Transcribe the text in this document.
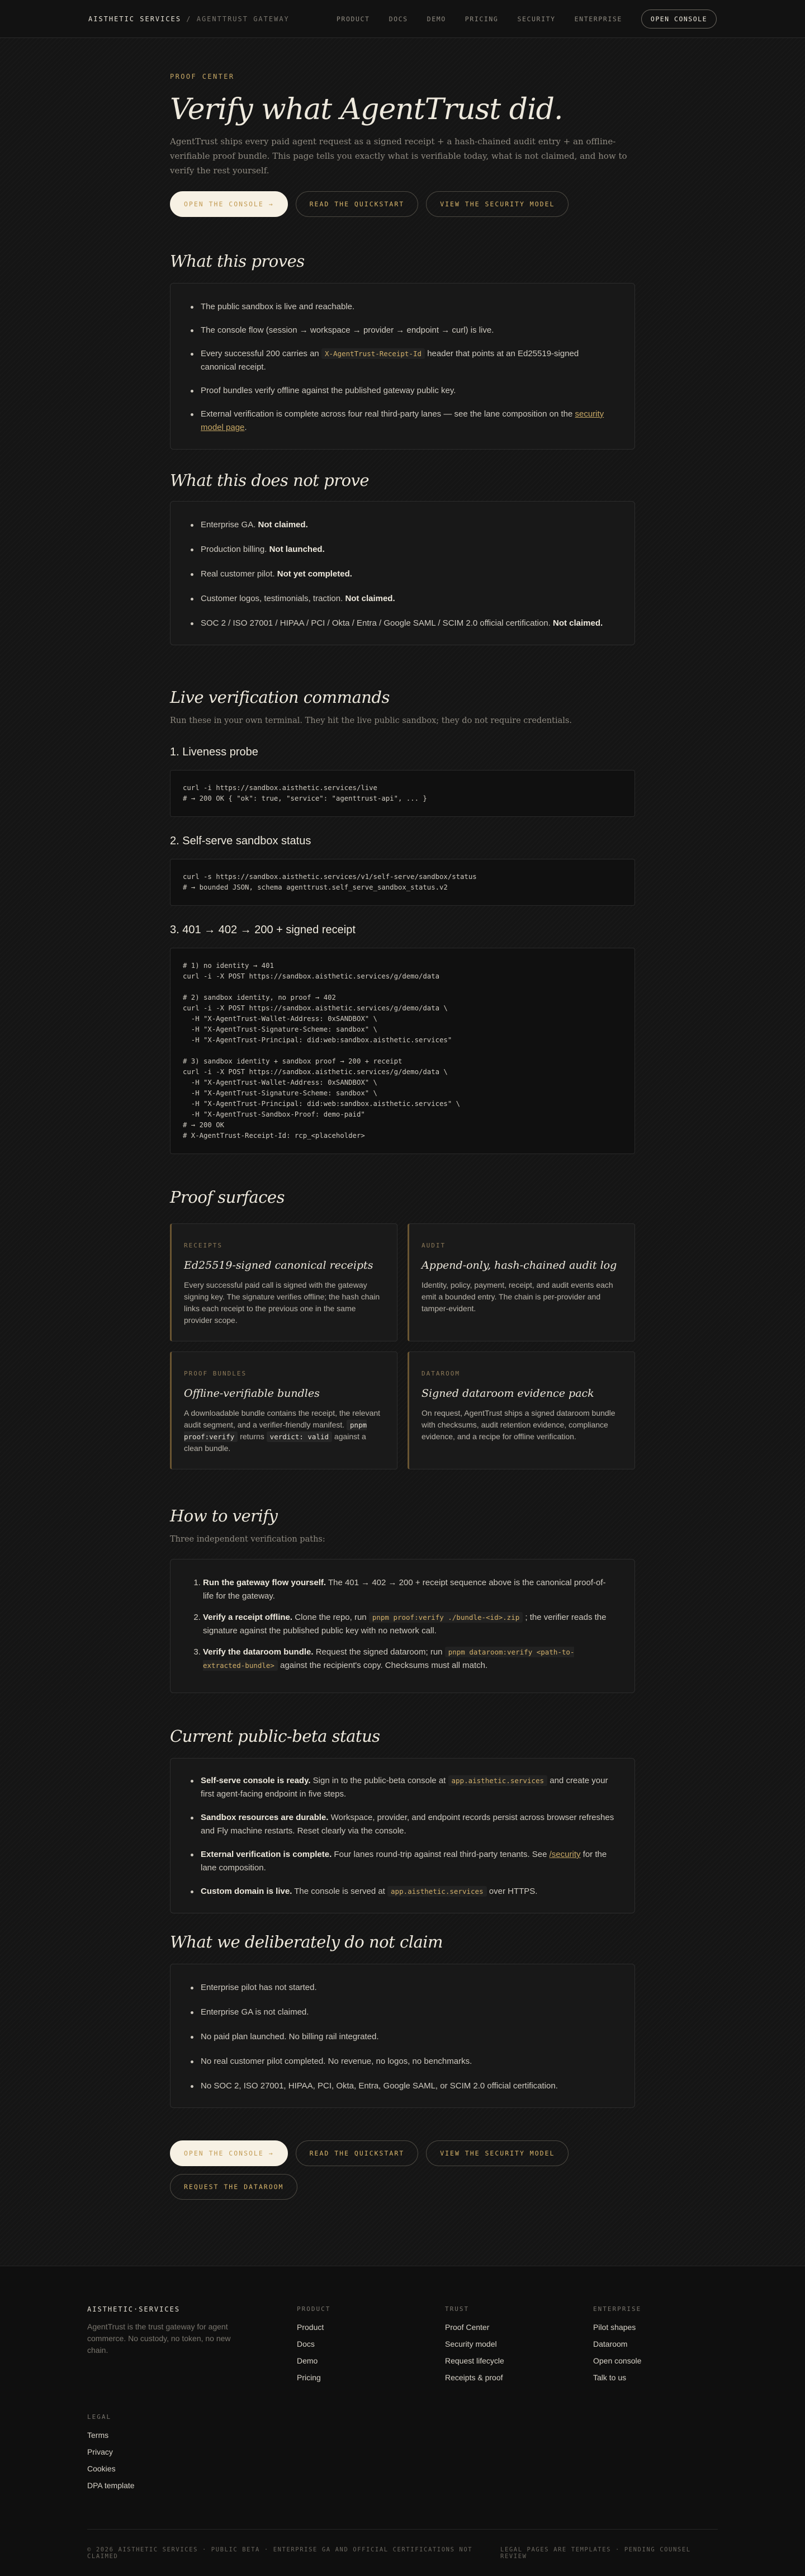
AISTHETIC SERVICES / AGENTTRUST GATEWAY	PRODUCT	DOCS	DEMO	PRICING	SECURITY	ENTERPRISE	OPEN CONSOLE
PROOF CENTER
Verify what AgentTrust did.

AgentTrust ships every paid agent request as a signed receipt + a hash-chained audit entry + an offline-verifiable proof bundle. This page tells you exactly what is verifiable today, what is not claimed, and how to verify the rest yourself.

OPEN THE CONSOLE →	READ THE QUICKSTART	VIEW THE SECURITY MODEL
What this proves
The public sandbox is live and reachable.
The console flow (session → workspace → provider → endpoint → curl) is live.
Every successful 200 carries an X-AgentTrust-Receipt-Id header that points at an Ed25519-signed canonical receipt.
Proof bundles verify offline against the published gateway public key.
External verification is complete across four real third-party lanes — see the lane composition on the security model page.
What this does not prove
Enterprise GA. Not claimed.
Production billing. Not launched.
Real customer pilot. Not yet completed.
Customer logos, testimonials, traction. Not claimed.
SOC 2 / ISO 27001 / HIPAA / PCI / Okta / Entra / Google SAML / SCIM 2.0 official certification. Not claimed.
Live verification commands

Run these in your own terminal. They hit the live public sandbox; they do not require credentials.

1. Liveness probe
curl -i https://sandbox.aisthetic.services/live
# → 200 OK { "ok": true, "service": "agenttrust-api", ... }
2. Self-serve sandbox status
curl -s https://sandbox.aisthetic.services/v1/self-serve/sandbox/status
# → bounded JSON, schema agenttrust.self_serve_sandbox_status.v2
3. 401 → 402 → 200 + signed receipt
# 1) no identity → 401
curl -i -X POST https://sandbox.aisthetic.services/g/demo/data

# 2) sandbox identity, no proof → 402
curl -i -X POST https://sandbox.aisthetic.services/g/demo/data \
-H "X-AgentTrust-Wallet-Address: 0xSANDBOX" \
-H "X-AgentTrust-Signature-Scheme: sandbox" \
-H "X-AgentTrust-Principal: did:web:sandbox.aisthetic.services"

# 3) sandbox identity + sandbox proof → 200 + receipt
curl -i -X POST https://sandbox.aisthetic.services/g/demo/data \
-H "X-AgentTrust-Wallet-Address: 0xSANDBOX" \
-H "X-AgentTrust-Signature-Scheme: sandbox" \
-H "X-AgentTrust-Principal: did:web:sandbox.aisthetic.services" \
-H "X-AgentTrust-Sandbox-Proof: demo-paid"
# → 200 OK
# X-AgentTrust-Receipt-Id: rcp_<placeholder>
Proof surfaces
RECEIPTS
Ed25519-signed canonical receipts

Every successful paid call is signed with the gateway signing key. The signature verifies offline; the hash chain links each receipt to the previous one in the same provider scope.

AUDIT
Append-only, hash-chained audit log

Identity, policy, payment, receipt, and audit events each emit a bounded entry. The chain is per-provider and tamper-evident.

PROOF BUNDLES
Offline-verifiable bundles

A downloadable bundle contains the receipt, the relevant audit segment, and a verifier-friendly manifest. pnpm proof:verify returns verdict: valid against a clean bundle.

DATAROOM
Signed dataroom evidence pack

On request, AgentTrust ships a signed dataroom bundle with checksums, audit retention evidence, compliance evidence, and a recipe for offline verification.

How to verify

Three independent verification paths:

1. Run the gateway flow yourself. The 401 → 402 → 200 + receipt sequence above is the canonical proof-of-life for the gateway.
2. Verify a receipt offline. Clone the repo, run pnpm proof:verify ./bundle-<id>.zip ; the verifier reads the signature against the published public key with no network call.
3. Verify the dataroom bundle. Request the signed dataroom; run pnpm dataroom:verify <path-to-extracted-bundle> against the recipient's copy. Checksums must all match.
Current public-beta status
Self-serve console is ready. Sign in to the public-beta console at app.aisthetic.services and create your first agent-facing endpoint in five steps.
Sandbox resources are durable. Workspace, provider, and endpoint records persist across browser refreshes and Fly machine restarts. Reset clearly via the console.
External verification is complete. Four lanes round-trip against real third-party tenants. See /security for the lane composition.
Custom domain is live. The console is served at app.aisthetic.services over HTTPS.
What we deliberately do not claim
Enterprise pilot has not started.
Enterprise GA is not claimed.
No paid plan launched. No billing rail integrated.
No real customer pilot completed. No revenue, no logos, no benchmarks.
No SOC 2, ISO 27001, HIPAA, PCI, Okta, Entra, Google SAML, or SCIM 2.0 official certification.
OPEN THE CONSOLE →	READ THE QUICKSTART	VIEW THE SECURITY MODEL
REQUEST THE DATAROOM
AISTHETIC·SERVICES

AgentTrust is the trust gateway for agent commerce. No custody, no token, no new chain.

PRODUCT
Product
Docs
Demo
Pricing
TRUST
Proof Center
Security model
Request lifecycle
Receipts & proof
ENTERPRISE
Pilot shapes
Dataroom
Open console
Talk to us
LEGAL
Terms
Privacy
Cookies
DPA template
© 2026 AISTHETIC SERVICES · PUBLIC BETA · ENTERPRISE GA AND OFFICIAL CERTIFICATIONS NOT CLAIMED
LEGAL PAGES ARE TEMPLATES · PENDING COUNSEL REVIEW
